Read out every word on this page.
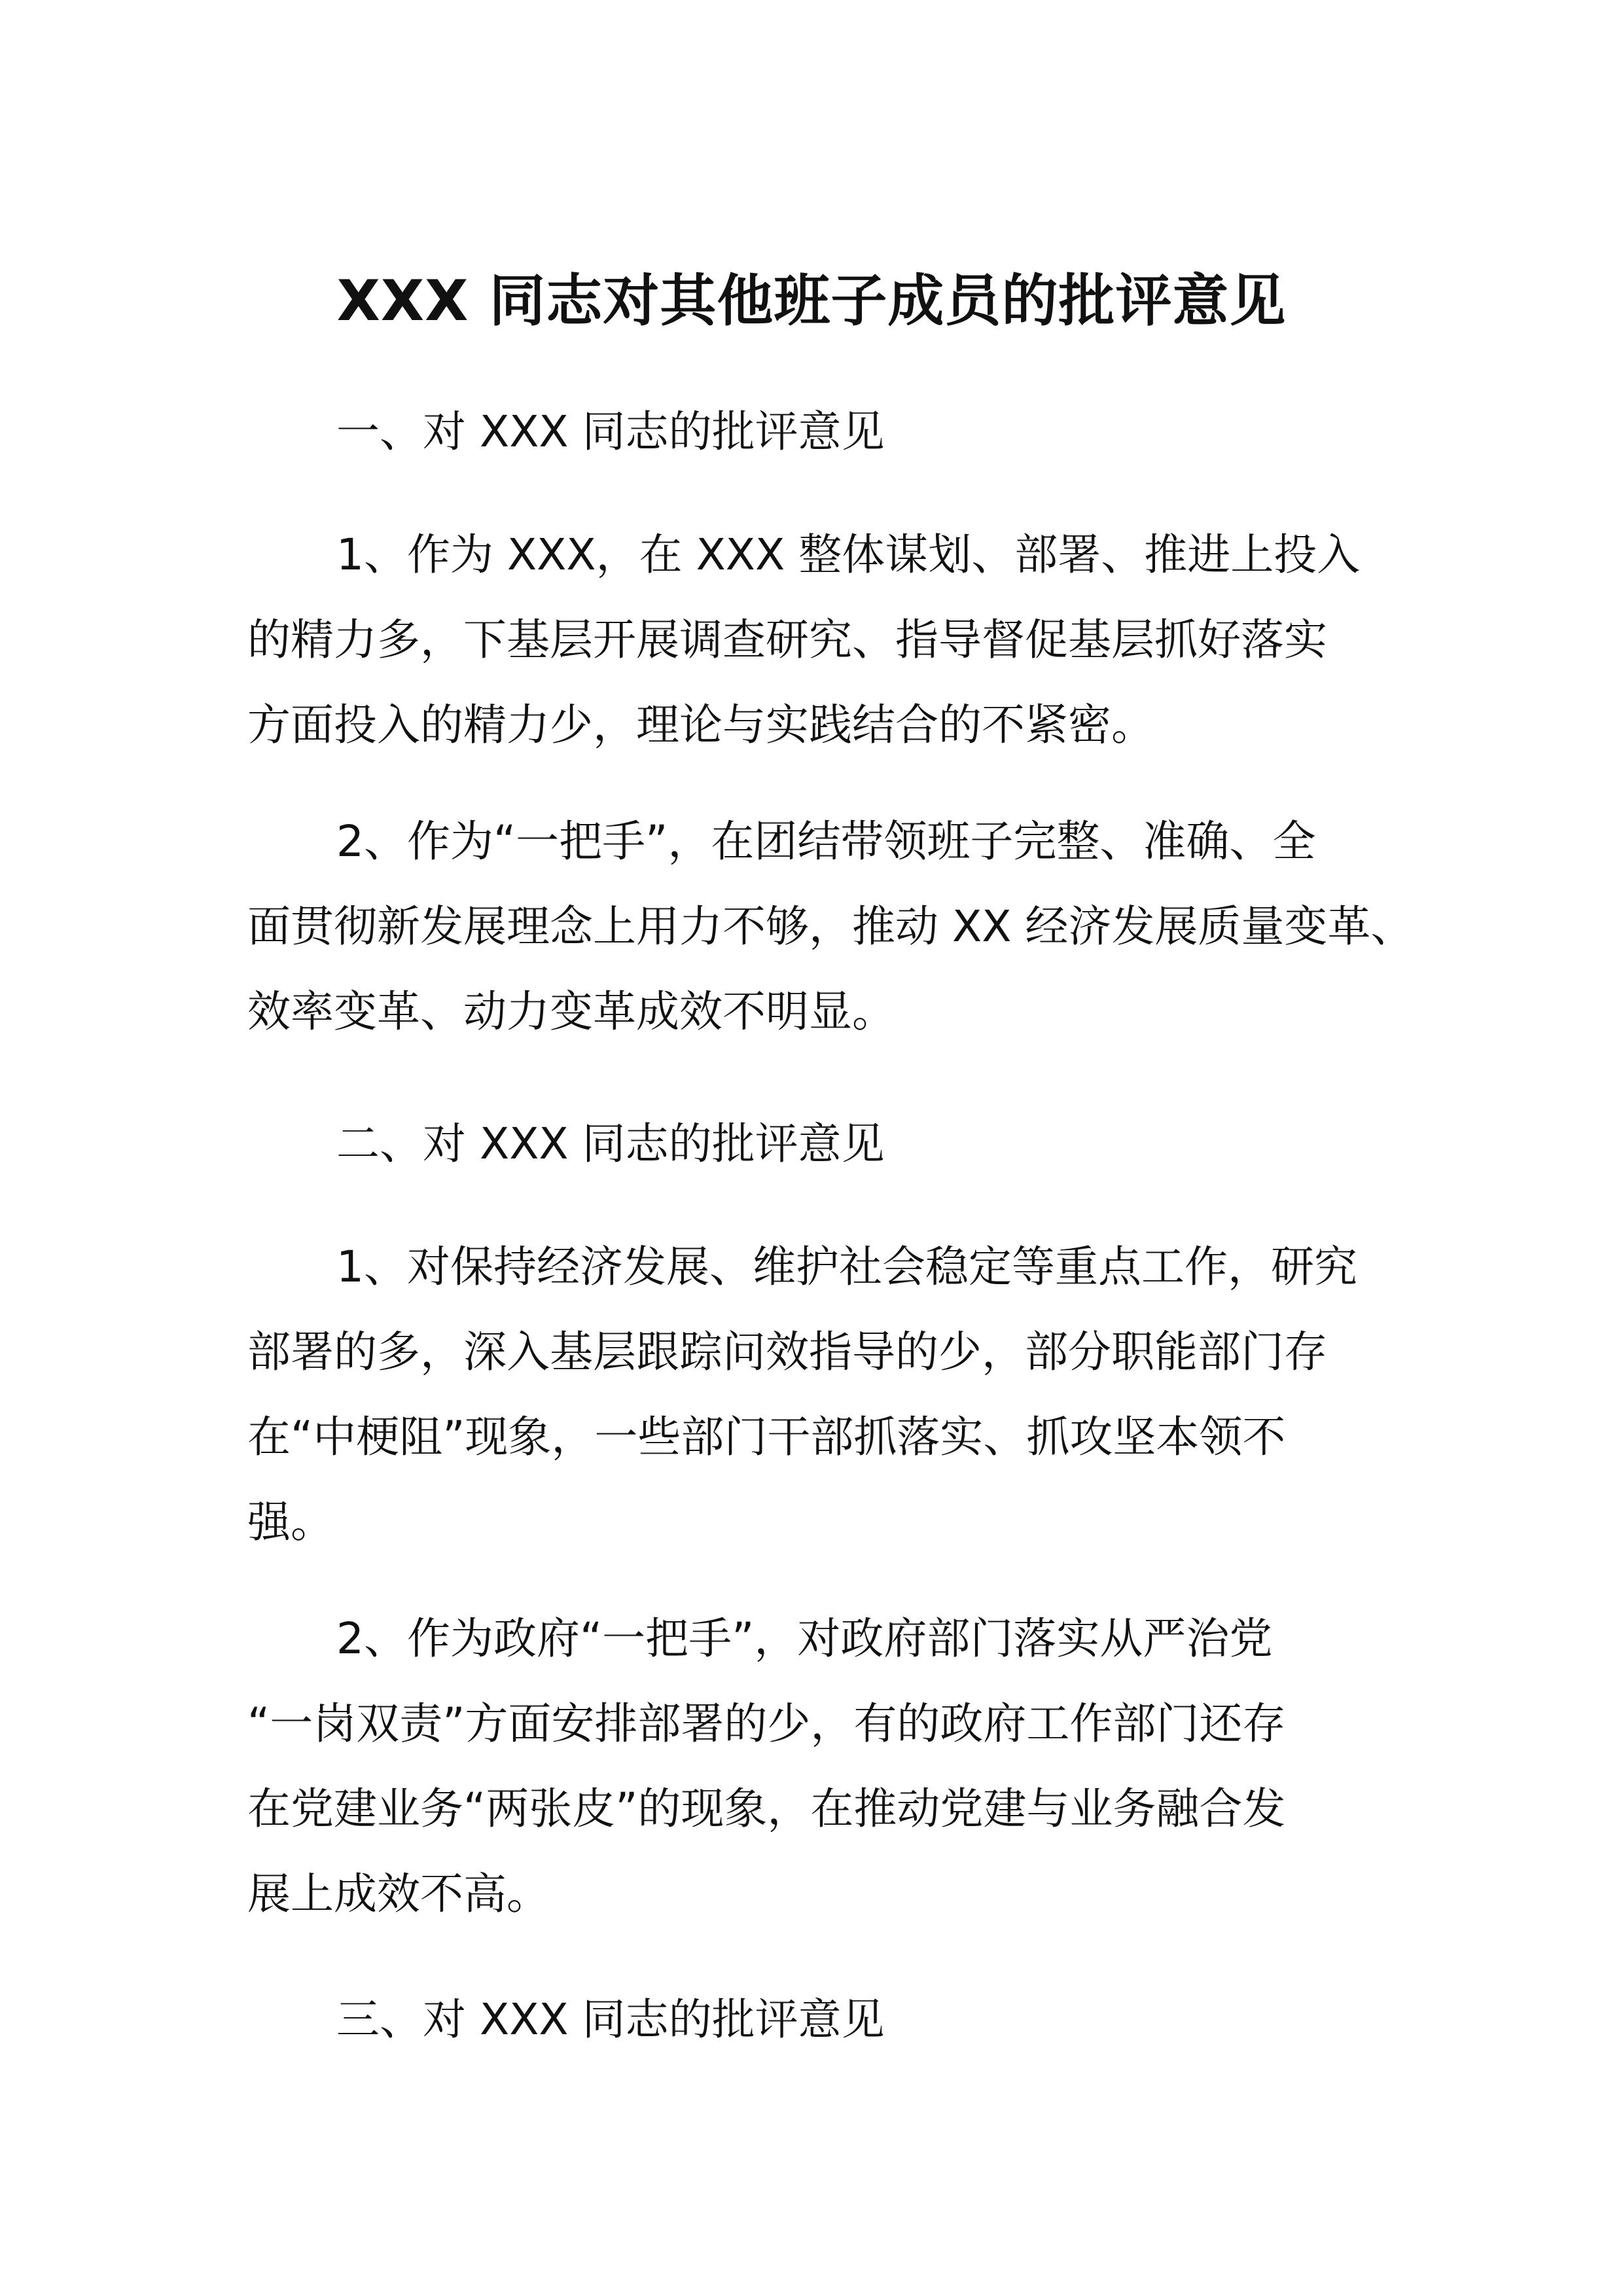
XXX 同志对其他班子成员的批评意见
一、对 XXX 同志的批评意见
1、作为 XXX，在 XXX 整体谋划、部署、推进上投入
的精力多，下基层开展调查研究、指导督促基层抓好落实
方面投入的精力少，理论与实践结合的不紧密。
2、作为“一把手”，在团结带领班子完整、准确、全
面贯彻新发展理念上用力不够，推动 XX 经济发展质量变革、
效率变革、动力变革成效不明显。
二、对 XXX 同志的批评意见
1、对保持经济发展、维护社会稳定等重点工作，研究
部署的多，深入基层跟踪问效指导的少，部分职能部门存
在“中梗阻”现象，一些部门干部抓落实、抓攻坚本领不
强。
2、作为政府“一把手”，对政府部门落实从严治党
“一岗双责”方面安排部署的少，有的政府工作部门还存
在党建业务“两张皮”的现象，在推动党建与业务融合发
展上成效不高。
三、对 XXX 同志的批评意见
